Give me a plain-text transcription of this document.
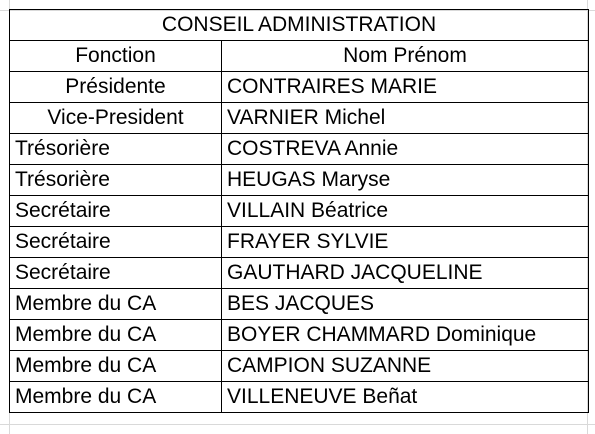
CONSEIL ADMINISTRATION	
Fonction	Nom Prénom
Présidente	CONTRAIRES MARIE
Vice-President	VARNIER Michel
Trésorière	COSTREVA Annie
Trésorière	HEUGAS Maryse
Secrétaire	VILLAIN Béatrice
Secrétaire	FRAYER SYLVIE
Secrétaire	GAUTHARD JACQUELINE
Membre du CA	BES JACQUES
Membre du CA	BOYER CHAMMARD Dominique
Membre du CA	CAMPION SUZANNE
Membre du CA	VILLENEUVE Beñat
